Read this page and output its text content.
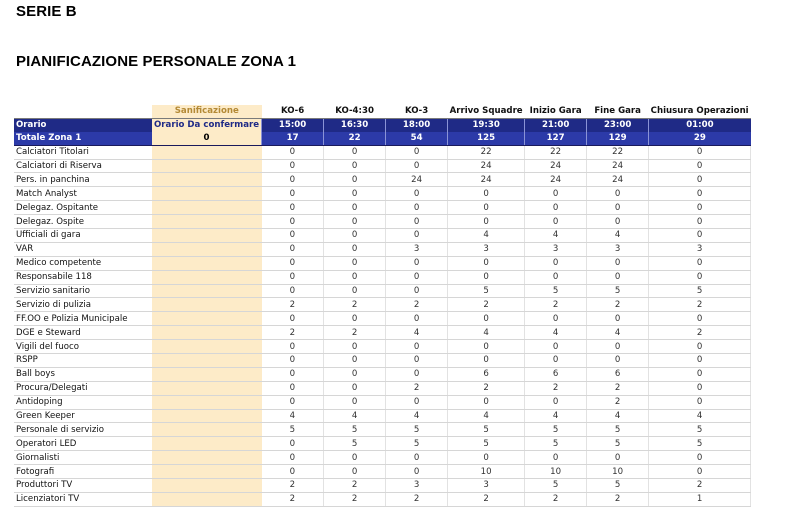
SERIE B
PIANIFICAZIONE PERSONALE ZONA 1
	Sanificazione	KO-6	KO-4:30	KO-3	Arrivo Squadre	Inizio Gara	Fine Gara	Chiusura Operazioni
Orario	Orario Da confermare	15:00	16:30	18:00	19:30	21:00	23:00	01:00
Totale Zona 1	0	17	22	54	125	127	129	29
Calciatori Titolari		0	0	0	22	22	22	0
Calciatori di Riserva		0	0	0	24	24	24	0
Pers. in panchina		0	0	24	24	24	24	0
Match Analyst		0	0	0	0	0	0	0
Delegaz. Ospitante		0	0	0	0	0	0	0
Delegaz. Ospite		0	0	0	0	0	0	0
Ufficiali di gara		0	0	0	4	4	4	0
VAR		0	0	3	3	3	3	3
Medico competente		0	0	0	0	0	0	0
Responsabile 118		0	0	0	0	0	0	0
Servizio sanitario		0	0	0	5	5	5	5
Servizio di pulizia		2	2	2	2	2	2	2
FF.OO e Polizia Municipale		0	0	0	0	0	0	0
DGE e Steward		2	2	4	4	4	4	2
Vigili del fuoco		0	0	0	0	0	0	0
RSPP		0	0	0	0	0	0	0
Ball boys		0	0	0	6	6	6	0
Procura/Delegati		0	0	2	2	2	2	0
Antidoping		0	0	0	0	0	2	0
Green Keeper		4	4	4	4	4	4	4
Personale di servizio		5	5	5	5	5	5	5
Operatori LED		0	5	5	5	5	5	5
Giornalisti		0	0	0	0	0	0	0
Fotografi		0	0	0	10	10	10	0
Produttori TV		2	2	3	3	5	5	2
Licenziatori TV		2	2	2	2	2	2	1
